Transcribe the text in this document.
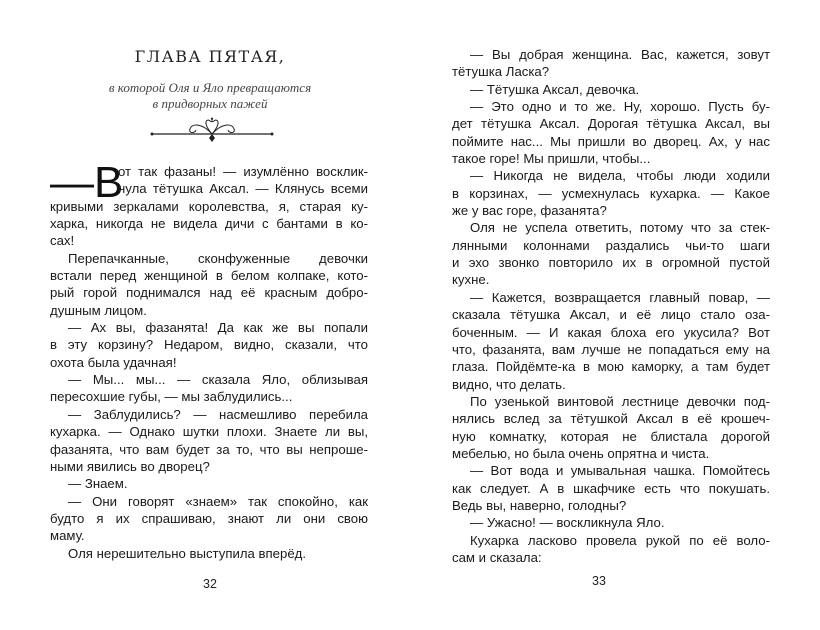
ГЛАВА ПЯТАЯ,
в которой Оля и Яло превращаются
в придворных пажей
—В
от так фазаны! — изумлённо воcклик-
нула тётушка Аксал. — Клянусь всеми
кривыми зеркалами королевства, я, старая ку-
харка, никогда не видела дичи с бантами в ко-
сах!
Перепачканные, сконфуженные девочки
встали перед женщиной в белом колпаке, кото-
рый горой поднимался над её красным добро-
душным лицом.
— Ах вы, фазанята! Да как же вы попали
в эту корзину? Недаром, видно, сказали, что
охота была удачная!
— Мы... мы... — сказала Яло, облизывая
пересохшие губы, — мы заблудились...
— Заблудились? — насмешливо перебила
кухарка. — Однако шутки плохи. Знаете ли вы,
фазанята, что вам будет за то, что вы непроше-
ными явились во дворец?
— Знаем.
— Они говорят «знаем» так спокойно, как
будто я их спрашиваю, знают ли они свою
маму.
Оля нерешительно выступила вперёд.
32
— Вы добрая женщина. Вас, кажется, зовут
тётушка Ласка?
— Тётушка Аксал, девочка.
— Это одно и то же. Ну, хорошо. Пусть бу-
дет тётушка Аксал. Дорогая тётушка Аксал, вы
поймите нас... Мы пришли во дворец. Ах, у нас
такое горе! Мы пришли, чтобы...
— Никогда не видела, чтобы люди ходили
в корзинах, — усмехнулась кухарка. — Какое
же у вас горе, фазанята?
Оля не успела ответить, потому что за стек-
лянными колоннами раздались чьи-то шаги
и эхо звонко повторило их в огромной пустой
кухне.
— Кажется, возвращается главный повар, —
сказала тётушка Аксал, и её лицо стало оза-
боченным. — И какая блоха его укусила? Вот
что, фазанята, вам лучше не попадаться ему на
глаза. Пойдёмте-ка в мою каморку, а там будет
видно, что делать.
По узенькой винтовой лестнице девочки под-
нялись вслед за тётушкой Аксал в её крошеч-
ную комнатку, которая не блистала дорогой
мебелью, но была очень опрятна и чиста.
— Вот вода и умывальная чашка. Помойтесь
как следует. А в шкафчике есть что покушать.
Ведь вы, наверно, голодны?
— Ужасно! — воскликнула Яло.
Кухарка ласково провела рукой по её воло-
сам и сказала:
33
